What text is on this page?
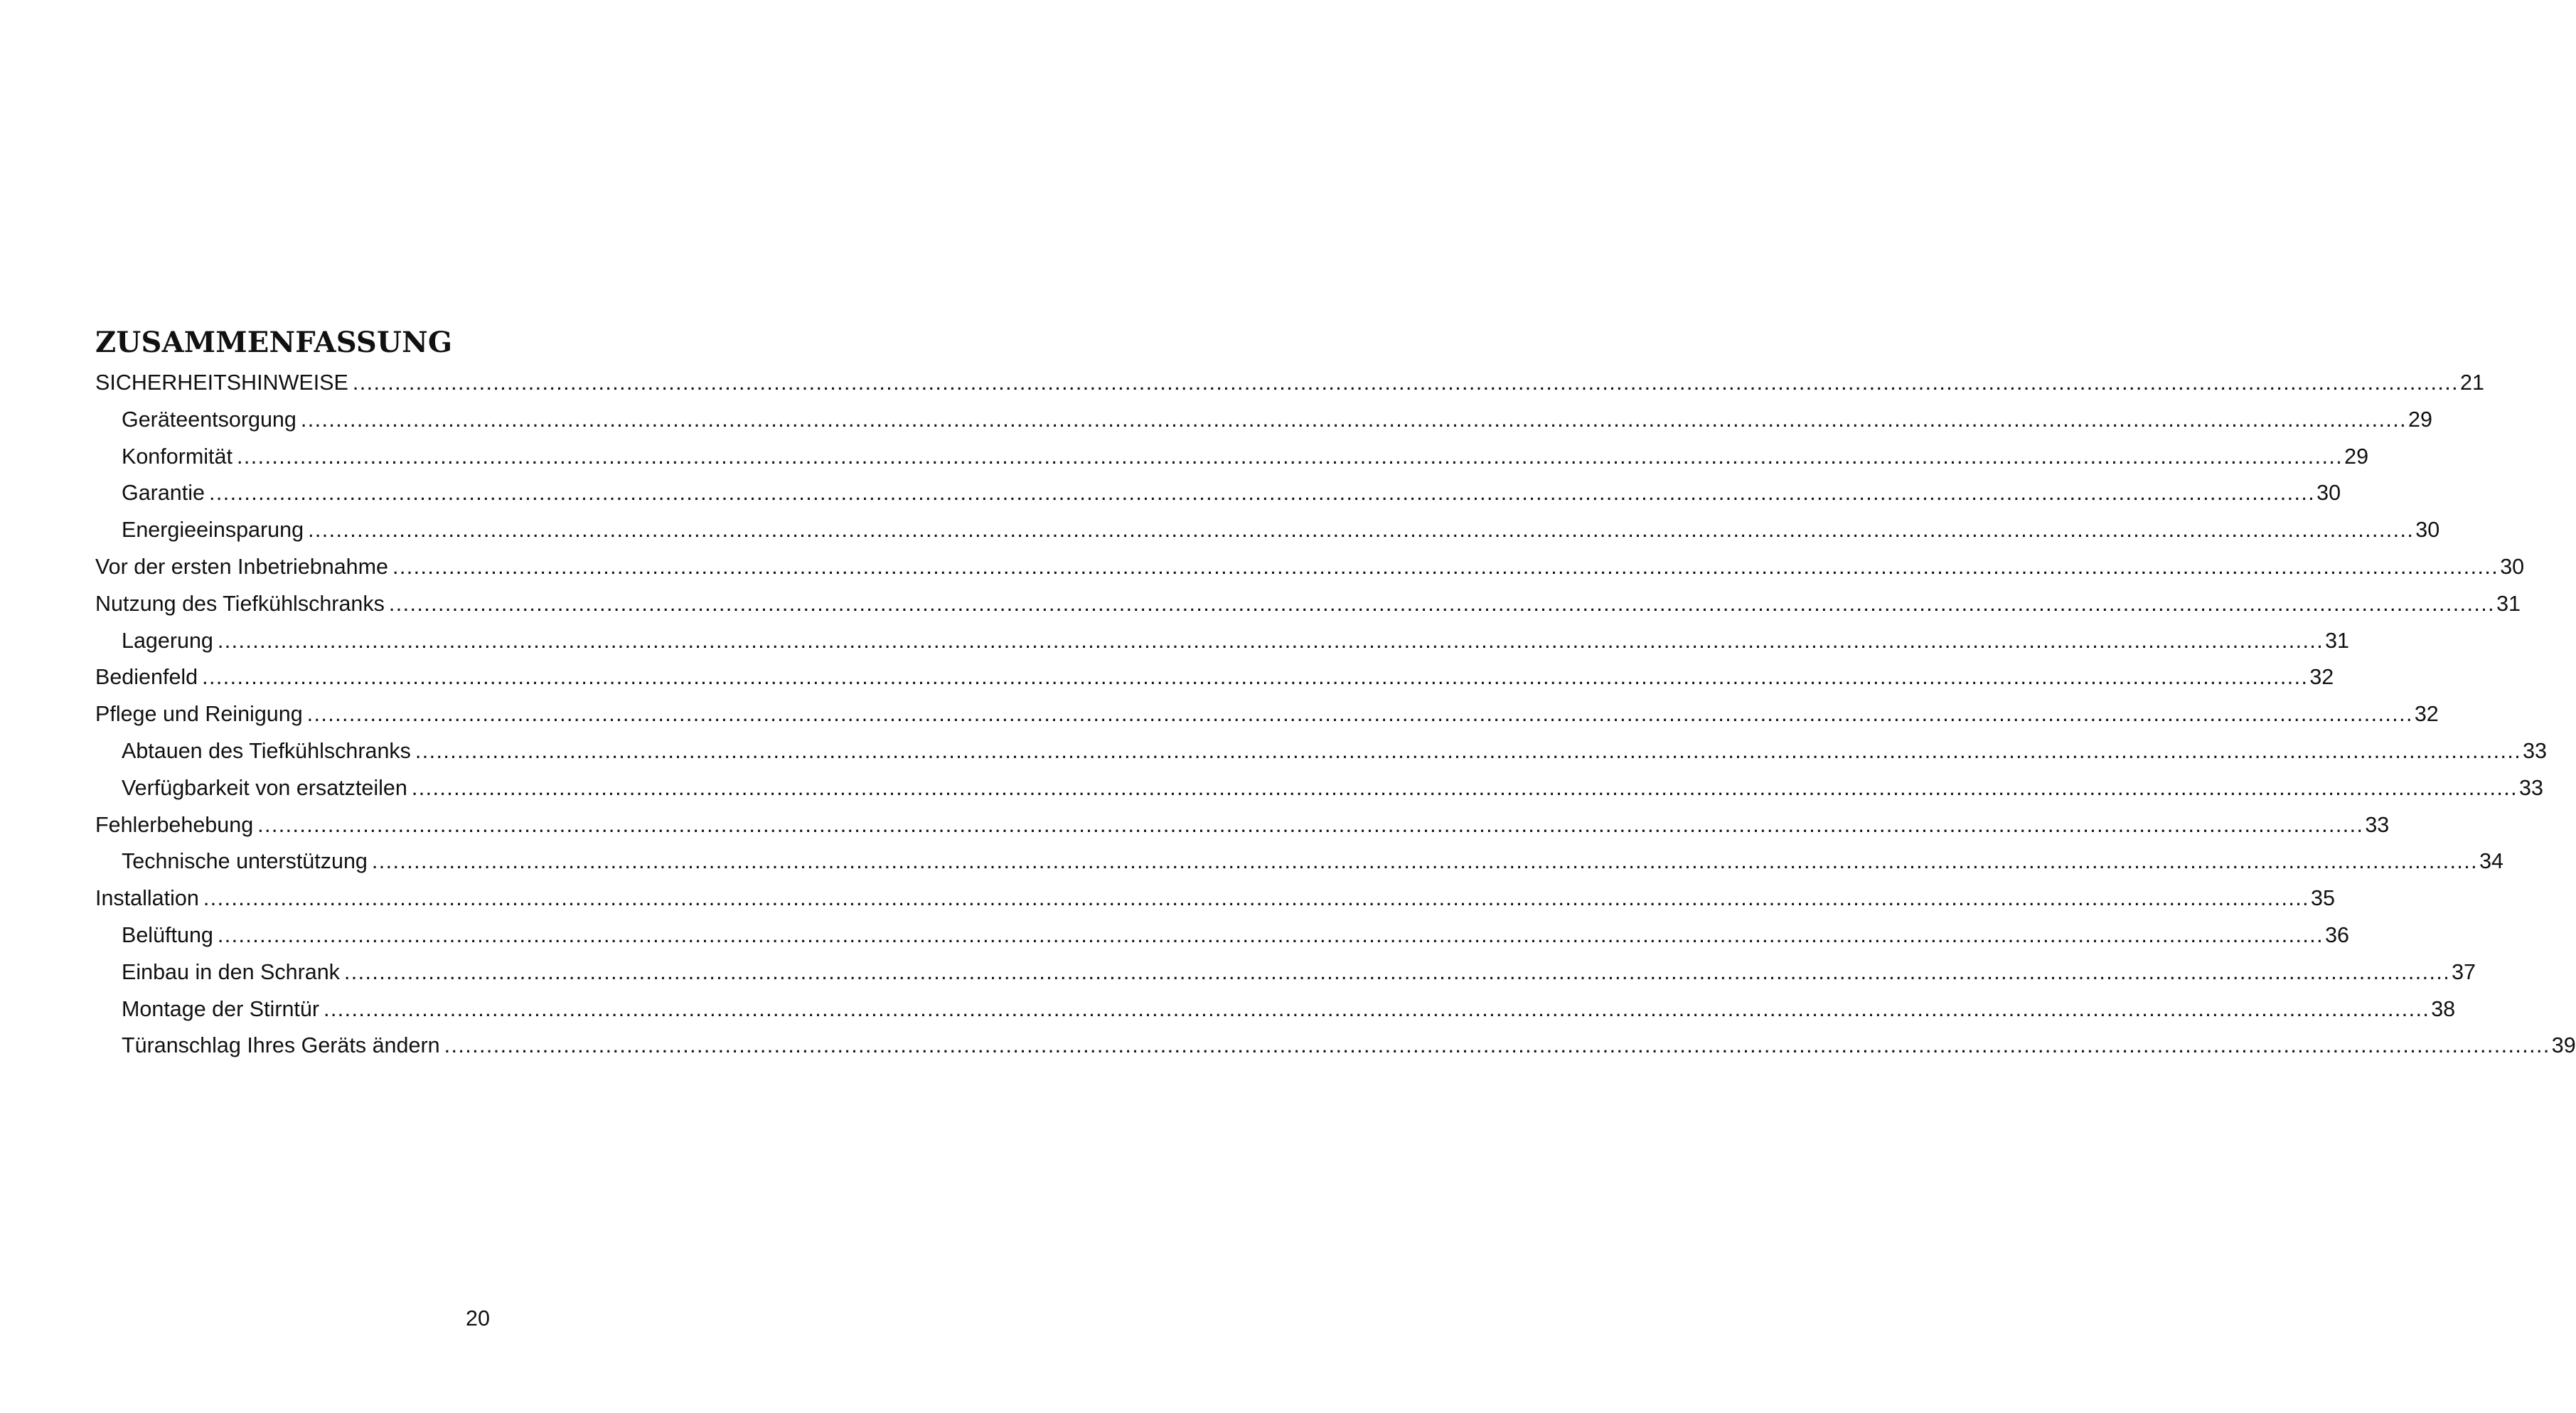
ZUSAMMENFASSUNG
SICHERHEITSHINWEISE ............................................................................................................................................................................................................................................................................................................ 21
Geräteentsorgung ............................................................................................................................................................................................................................................................................................................ 29
Konformität ............................................................................................................................................................................................................................................................................................................ 29
Garantie ............................................................................................................................................................................................................................................................................................................ 30
Energieeinsparung ............................................................................................................................................................................................................................................................................................................ 30
Vor der ersten Inbetriebnahme ............................................................................................................................................................................................................................................................................................................ 30
Nutzung des Tiefkühlschranks ............................................................................................................................................................................................................................................................................................................ 31
Lagerung ............................................................................................................................................................................................................................................................................................................ 31
Bedienfeld ............................................................................................................................................................................................................................................................................................................ 32
Pflege und Reinigung ............................................................................................................................................................................................................................................................................................................ 32
Abtauen des Tiefkühlschranks ............................................................................................................................................................................................................................................................................................................ 33
Verfügbarkeit von ersatzteilen ............................................................................................................................................................................................................................................................................................................ 33
Fehlerbehebung ............................................................................................................................................................................................................................................................................................................ 33
Technische unterstützung ............................................................................................................................................................................................................................................................................................................ 34
Installation ............................................................................................................................................................................................................................................................................................................ 35
Belüftung ............................................................................................................................................................................................................................................................................................................ 36
Einbau in den Schrank ............................................................................................................................................................................................................................................................................................................ 37
Montage der Stirntür ............................................................................................................................................................................................................................................................................................................ 38
Türanschlag Ihres Geräts ändern ............................................................................................................................................................................................................................................................................................................ 39
20
